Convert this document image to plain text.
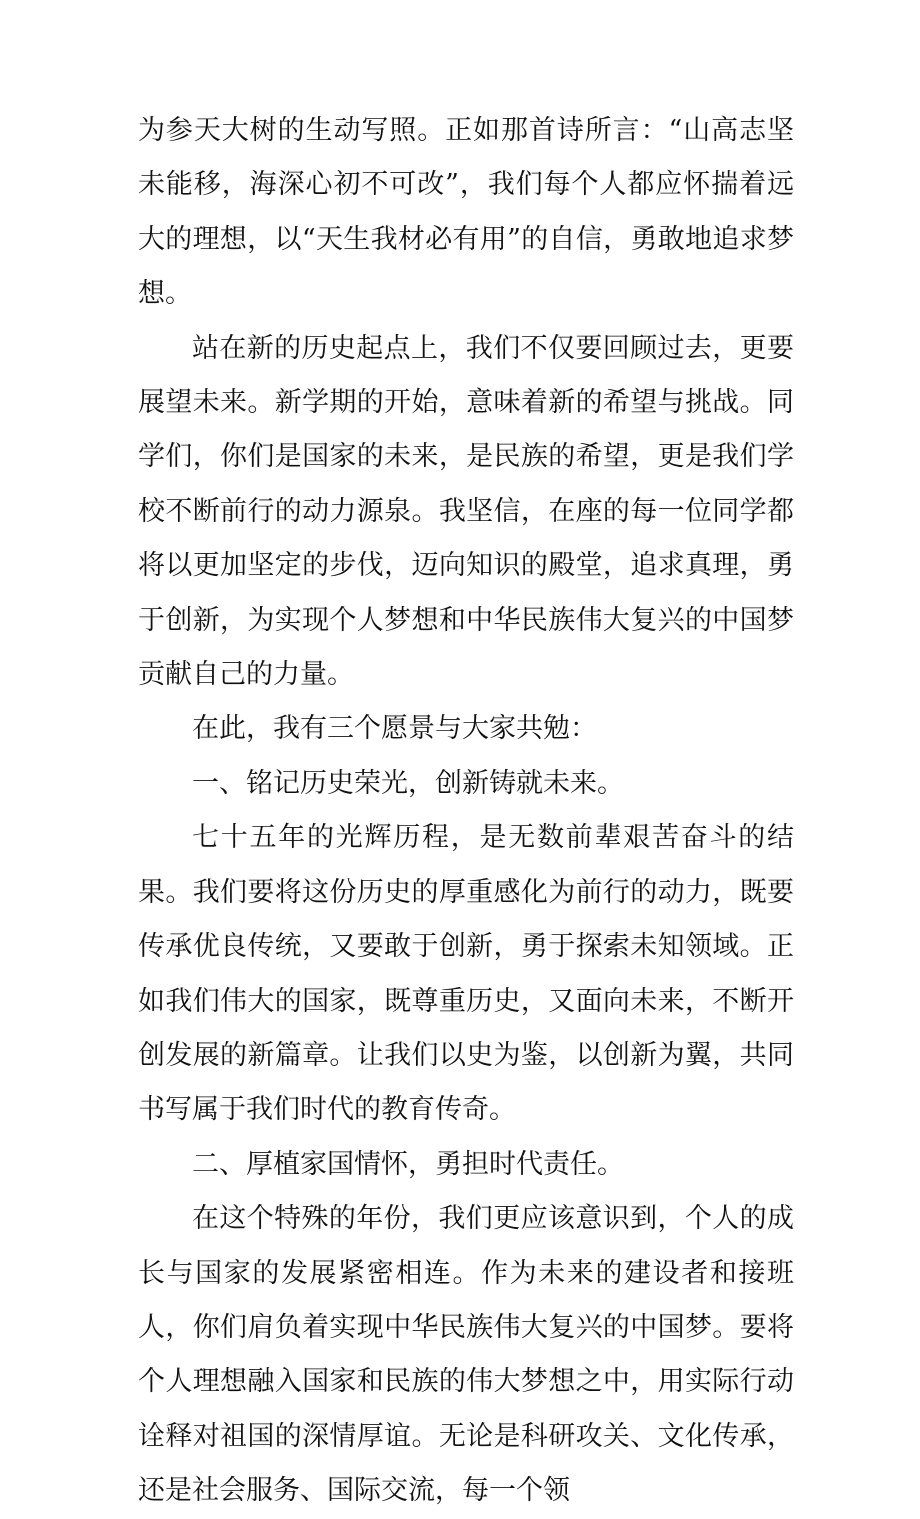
为参天大树的生动写照。正如那首诗所言：“山高志坚未能移，海深心初不可改”，我们每个人都应怀揣着远大的理想，以“天生我材必有用”的自信，勇敢地追求梦想。

站在新的历史起点上，我们不仅要回顾过去，更要展望未来。新学期的开始，意味着新的希望与挑战。同学们，你们是国家的未来，是民族的希望，更是我们学校不断前行的动力源泉。我坚信，在座的每一位同学都将以更加坚定的步伐，迈向知识的殿堂，追求真理，勇于创新，为实现个人梦想和中华民族伟大复兴的中国梦贡献自己的力量。

在此，我有三个愿景与大家共勉：

一、铭记历史荣光，创新铸就未来。

七十五年的光辉历程，是无数前辈艰苦奋斗的结果。我们要将这份历史的厚重感化为前行的动力，既要传承优良传统，又要敢于创新，勇于探索未知领域。正如我们伟大的国家，既尊重历史，又面向未来，不断开创发展的新篇章。让我们以史为鉴，以创新为翼，共同书写属于我们时代的教育传奇。

二、厚植家国情怀，勇担时代责任。

在这个特殊的年份，我们更应该意识到，个人的成长与国家的发展紧密相连。作为未来的建设者和接班人，你们肩负着实现中华民族伟大复兴的中国梦。要将个人理想融入国家和民族的伟大梦想之中，用实际行动诠释对祖国的深情厚谊。无论是科研攻关、文化传承，还是社会服务、国际交流，每一个领
